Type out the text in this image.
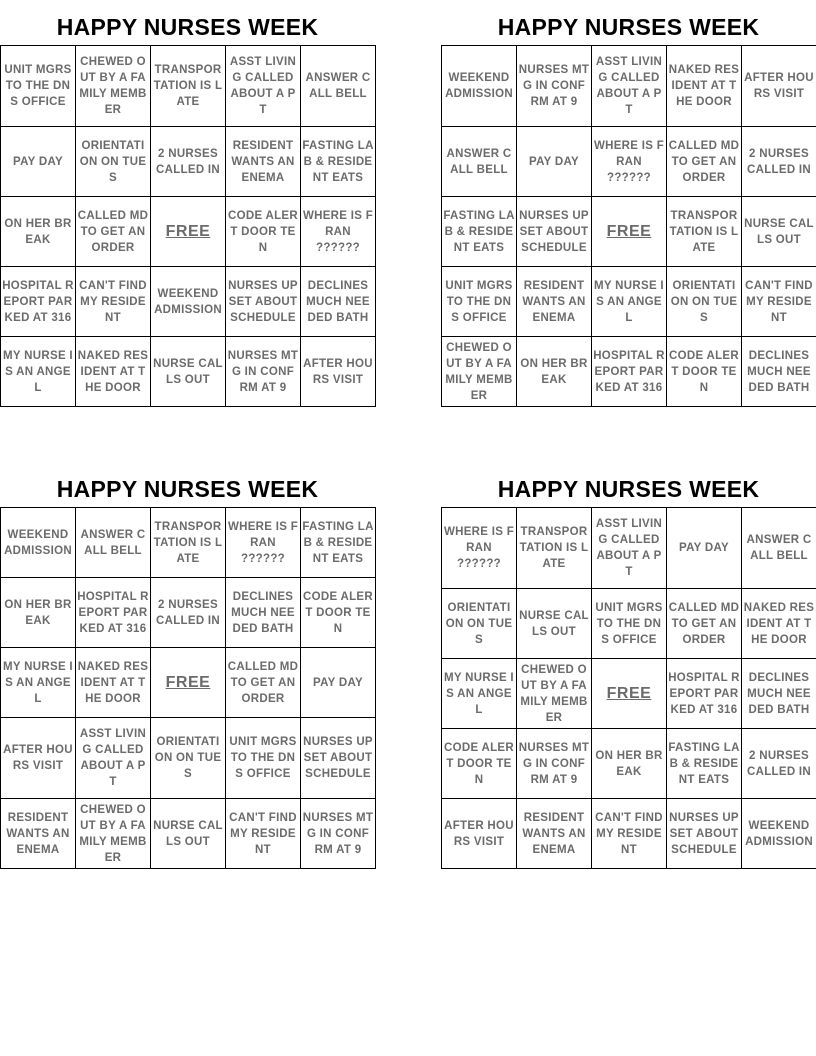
HAPPY NURSES WEEK
UNIT MGRS TO THE DNS OFFICE	CHEWED OUT BY A FAMILY MEMBER	TRANSPOR TATION IS LATE	ASST LIVING CALLED ABOUT A PT	ANSWER CALL BELL
PAY DAY	ORIENTATI ON ON TUES	2 NURSES CALLED IN	RESIDENT WANTS AN ENEMA	FASTING LAB & RESIDENT EATS
ON HER BREAK	CALLED MD TO GET AN ORDER	FREE	CODE ALERT DOOR TEN	WHERE IS FRAN ??????
HOSPITAL REPORT PARKED AT 316	CAN'T FIND MY RESIDENT	WEEKEND ADMISSION	NURSES UPSET ABOUT SCHEDULE	DECLINES MUCH NEEDED BATH
MY NURSE IS AN ANGEL	NAKED RESIDENT AT THE DOOR	NURSE CALLS OUT	NURSES MTG IN CONF RM AT 9	AFTER HOURS VISIT
HAPPY NURSES WEEK
WEEKEND ADMISSION	NURSES MTG IN CONF RM AT 9	ASST LIVING CALLED ABOUT A PT	NAKED RESIDENT AT THE DOOR	AFTER HOURS VISIT
ANSWER CALL BELL	PAY DAY	WHERE IS FRAN ??????	CALLED MD TO GET AN ORDER	2 NURSES CALLED IN
FASTING LAB & RESIDENT EATS	NURSES UPSET ABOUT SCHEDULE	FREE	TRANSPOR TATION IS LATE	NURSE CALLS OUT
UNIT MGRS TO THE DNS OFFICE	RESIDENT WANTS AN ENEMA	MY NURSE IS AN ANGEL	ORIENTATI ON ON TUES	CAN'T FIND MY RESIDENT
CHEWED OUT BY A FAMILY MEMBER	ON HER BREAK	HOSPITAL REPORT PARKED AT 316	CODE ALERT DOOR TEN	DECLINES MUCH NEEDED BATH
HAPPY NURSES WEEK
WEEKEND ADMISSION	ANSWER CALL BELL	TRANSPOR TATION IS LATE	WHERE IS FRAN ??????	FASTING LAB & RESIDENT EATS
ON HER BREAK	HOSPITAL REPORT PARKED AT 316	2 NURSES CALLED IN	DECLINES MUCH NEEDED BATH	CODE ALERT DOOR TEN
MY NURSE IS AN ANGEL	NAKED RESIDENT AT THE DOOR	FREE	CALLED MD TO GET AN ORDER	PAY DAY
AFTER HOURS VISIT	ASST LIVING CALLED ABOUT A PT	ORIENTATI ON ON TUES	UNIT MGRS TO THE DNS OFFICE	NURSES UPSET ABOUT SCHEDULE
RESIDENT WANTS AN ENEMA	CHEWED OUT BY A FAMILY MEMBER	NURSE CALLS OUT	CAN'T FIND MY RESIDENT	NURSES MTG IN CONF RM AT 9
HAPPY NURSES WEEK
WHERE IS FRAN ??????	TRANSPOR TATION IS LATE	ASST LIVING CALLED ABOUT A PT	PAY DAY	ANSWER CALL BELL
ORIENTATI ON ON TUES	NURSE CALLS OUT	UNIT MGRS TO THE DNS OFFICE	CALLED MD TO GET AN ORDER	NAKED RESIDENT AT THE DOOR
MY NURSE IS AN ANGEL	CHEWED OUT BY A FAMILY MEMBER	FREE	HOSPITAL REPORT PARKED AT 316	DECLINES MUCH NEEDED BATH
CODE ALERT DOOR TEN	NURSES MTG IN CONF RM AT 9	ON HER BREAK	FASTING LAB & RESIDENT EATS	2 NURSES CALLED IN
AFTER HOURS VISIT	RESIDENT WANTS AN ENEMA	CAN'T FIND MY RESIDENT	NURSES UPSET ABOUT SCHEDULE	WEEKEND ADMISSION
